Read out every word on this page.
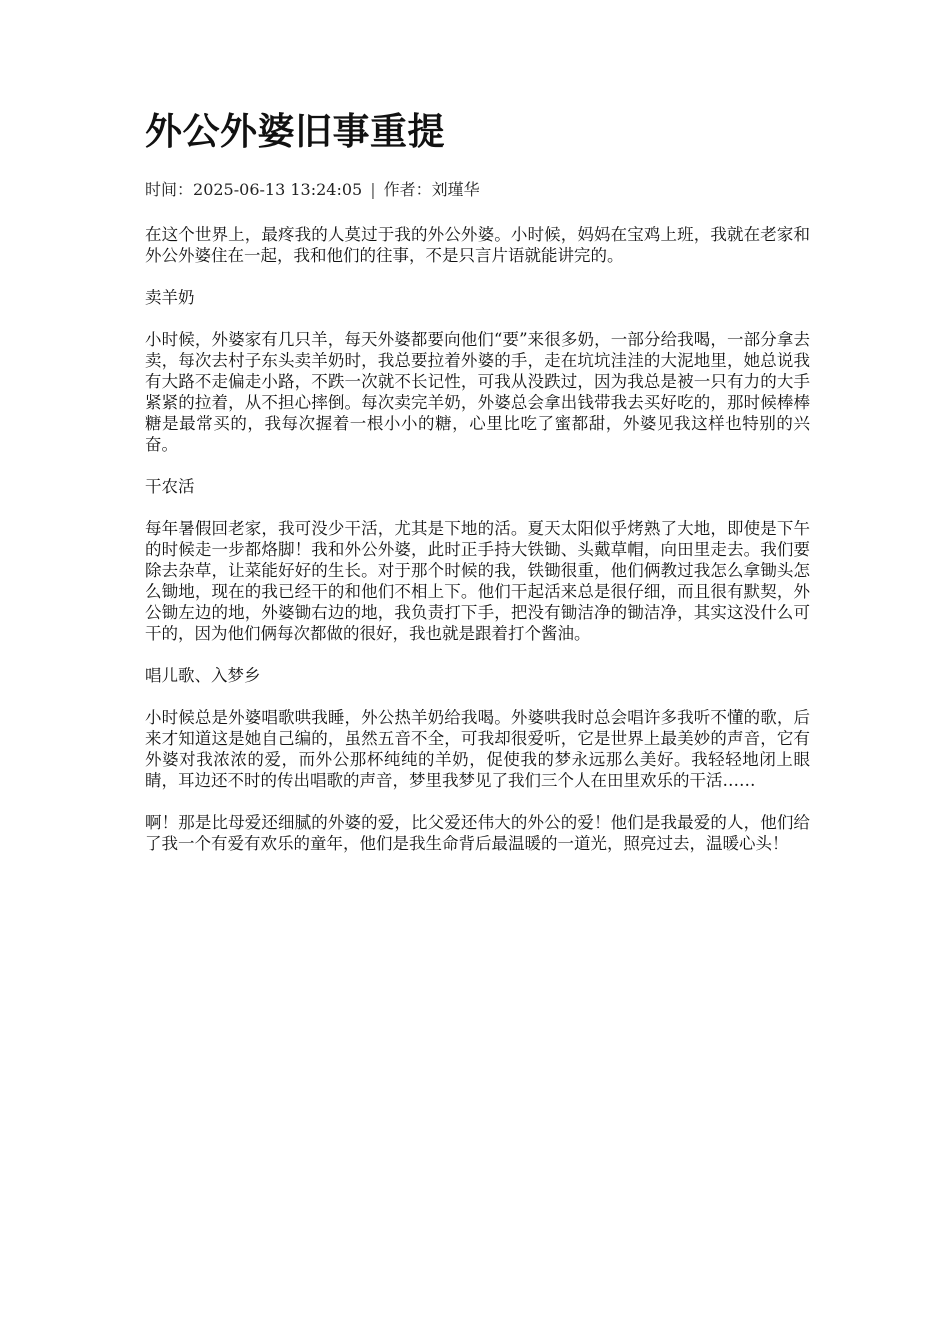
外公外婆旧事重提
时间：2025-06-13 13:24:05 | 作者：刘瑾华

在这个世界上，最疼我的人莫过于我的外公外婆。小时候，妈妈在宝鸡上班，我就在老家和外公外婆住在一起，我和他们的往事，不是只言片语就能讲完的。

卖羊奶

小时候，外婆家有几只羊，每天外婆都要向他们“要”来很多奶，一部分给我喝，一部分拿去卖，每次去村子东头卖羊奶时，我总要拉着外婆的手，走在坑坑洼洼的大泥地里，她总说我有大路不走偏走小路，不跌一次就不长记性，可我从没跌过，因为我总是被一只有力的大手紧紧的拉着，从不担心摔倒。每次卖完羊奶，外婆总会拿出钱带我去买好吃的，那时候棒棒糖是最常买的，我每次握着一根小小的糖，心里比吃了蜜都甜，外婆见我这样也特别的兴奋。

干农活

每年暑假回老家，我可没少干活，尤其是下地的活。夏天太阳似乎烤熟了大地，即使是下午的时候走一步都烙脚！我和外公外婆，此时正手持大铁锄、头戴草帽，向田里走去。我们要除去杂草，让菜能好好的生长。对于那个时候的我，铁锄很重，他们俩教过我怎么拿锄头怎么锄地，现在的我已经干的和他们不相上下。他们干起活来总是很仔细，而且很有默契，外公锄左边的地，外婆锄右边的地，我负责打下手，把没有锄洁净的锄洁净，其实这没什么可干的，因为他们俩每次都做的很好，我也就是跟着打个酱油。

唱儿歌、入梦乡

小时候总是外婆唱歌哄我睡，外公热羊奶给我喝。外婆哄我时总会唱许多我听不懂的歌，后来才知道这是她自己编的，虽然五音不全，可我却很爱听，它是世界上最美妙的声音，它有外婆对我浓浓的爱，而外公那杯纯纯的羊奶，促使我的梦永远那么美好。我轻轻地闭上眼睛，耳边还不时的传出唱歌的声音，梦里我梦见了我们三个人在田里欢乐的干活……

啊！那是比母爱还细腻的外婆的爱，比父爱还伟大的外公的爱！他们是我最爱的人，他们给了我一个有爱有欢乐的童年，他们是我生命背后最温暖的一道光，照亮过去，温暖心头！
